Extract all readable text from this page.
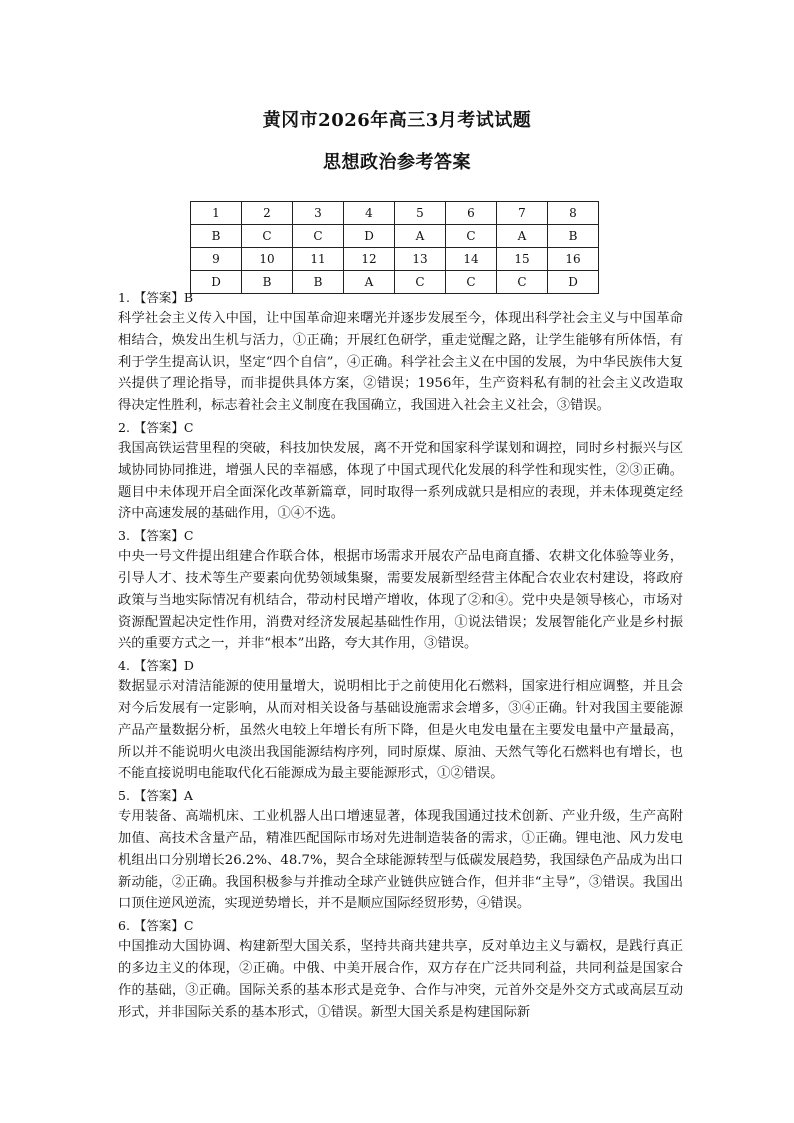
黄冈市2026年高三3月考试试题
思想政治参考答案
1	2	3	4	5	6	7	8
B	C	C	D	A	C	A	B
9	10	11	12	13	14	15	16
D	B	B	A	C	C	C	D
1. 【答案】B

科学社会主义传入中国，让中国革命迎来曙光并逐步发展至今，体现出科学社会主义与中国革命相结合，焕发出生机与活力，①正确；开展红色研学，重走觉醒之路，让学生能够有所体悟，有利于学生提高认识，坚定“四个自信”，④正确。科学社会主义在中国的发展，为中华民族伟大复兴提供了理论指导，而非提供具体方案，②错误；1956年，生产资料私有制的社会主义改造取得决定性胜利，标志着社会主义制度在我国确立，我国进入社会主义社会，③错误。

2. 【答案】C

我国高铁运营里程的突破，科技加快发展，离不开党和国家科学谋划和调控，同时乡村振兴与区域协同协同推进，增强人民的幸福感，体现了中国式现代化发展的科学性和现实性，②③正确。题目中未体现开启全面深化改革新篇章，同时取得一系列成就只是相应的表现，并未体现奠定经济中高速发展的基础作用，①④不选。

3. 【答案】C

中央一号文件提出组建合作联合体，根据市场需求开展农产品电商直播、农耕文化体验等业务，引导人才、技术等生产要素向优势领域集聚，需要发展新型经营主体配合农业农村建设，将政府政策与当地实际情况有机结合，带动村民增产增收，体现了②和④。党中央是领导核心，市场对资源配置起决定性作用，消费对经济发展起基础性作用，①说法错误；发展智能化产业是乡村振兴的重要方式之一，并非“根本”出路，夸大其作用，③错误。

4. 【答案】D

数据显示对清洁能源的使用量增大，说明相比于之前使用化石燃料，国家进行相应调整，并且会对今后发展有一定影响，从而对相关设备与基础设施需求会增多，③④正确。针对我国主要能源产品产量数据分析，虽然火电较上年增长有所下降，但是火电发电量在主要发电量中产量最高，所以并不能说明火电淡出我国能源结构序列，同时原煤、原油、天然气等化石燃料也有增长，也不能直接说明电能取代化石能源成为最主要能源形式，①②错误。

5. 【答案】A

专用装备、高端机床、工业机器人出口增速显著，体现我国通过技术创新、产业升级，生产高附加值、高技术含量产品，精准匹配国际市场对先进制造装备的需求，①正确。锂电池、风力发电机组出口分别增长26.2%、48.7%，契合全球能源转型与低碳发展趋势，我国绿色产品成为出口新动能，②正确。我国积极参与并推动全球产业链供应链合作，但并非“主导”，③错误。我国出口顶住逆风逆流，实现逆势增长，并不是顺应国际经贸形势，④错误。

6. 【答案】C

中国推动大国协调、构建新型大国关系，坚持共商共建共享，反对单边主义与霸权，是践行真正的多边主义的体现，②正确。中俄、中美开展合作，双方存在广泛共同利益，共同利益是国家合作的基础，③正确。国际关系的基本形式是竞争、合作与冲突，元首外交是外交方式或高层互动形式，并非国际关系的基本形式，①错误。新型大国关系是构建国际新
